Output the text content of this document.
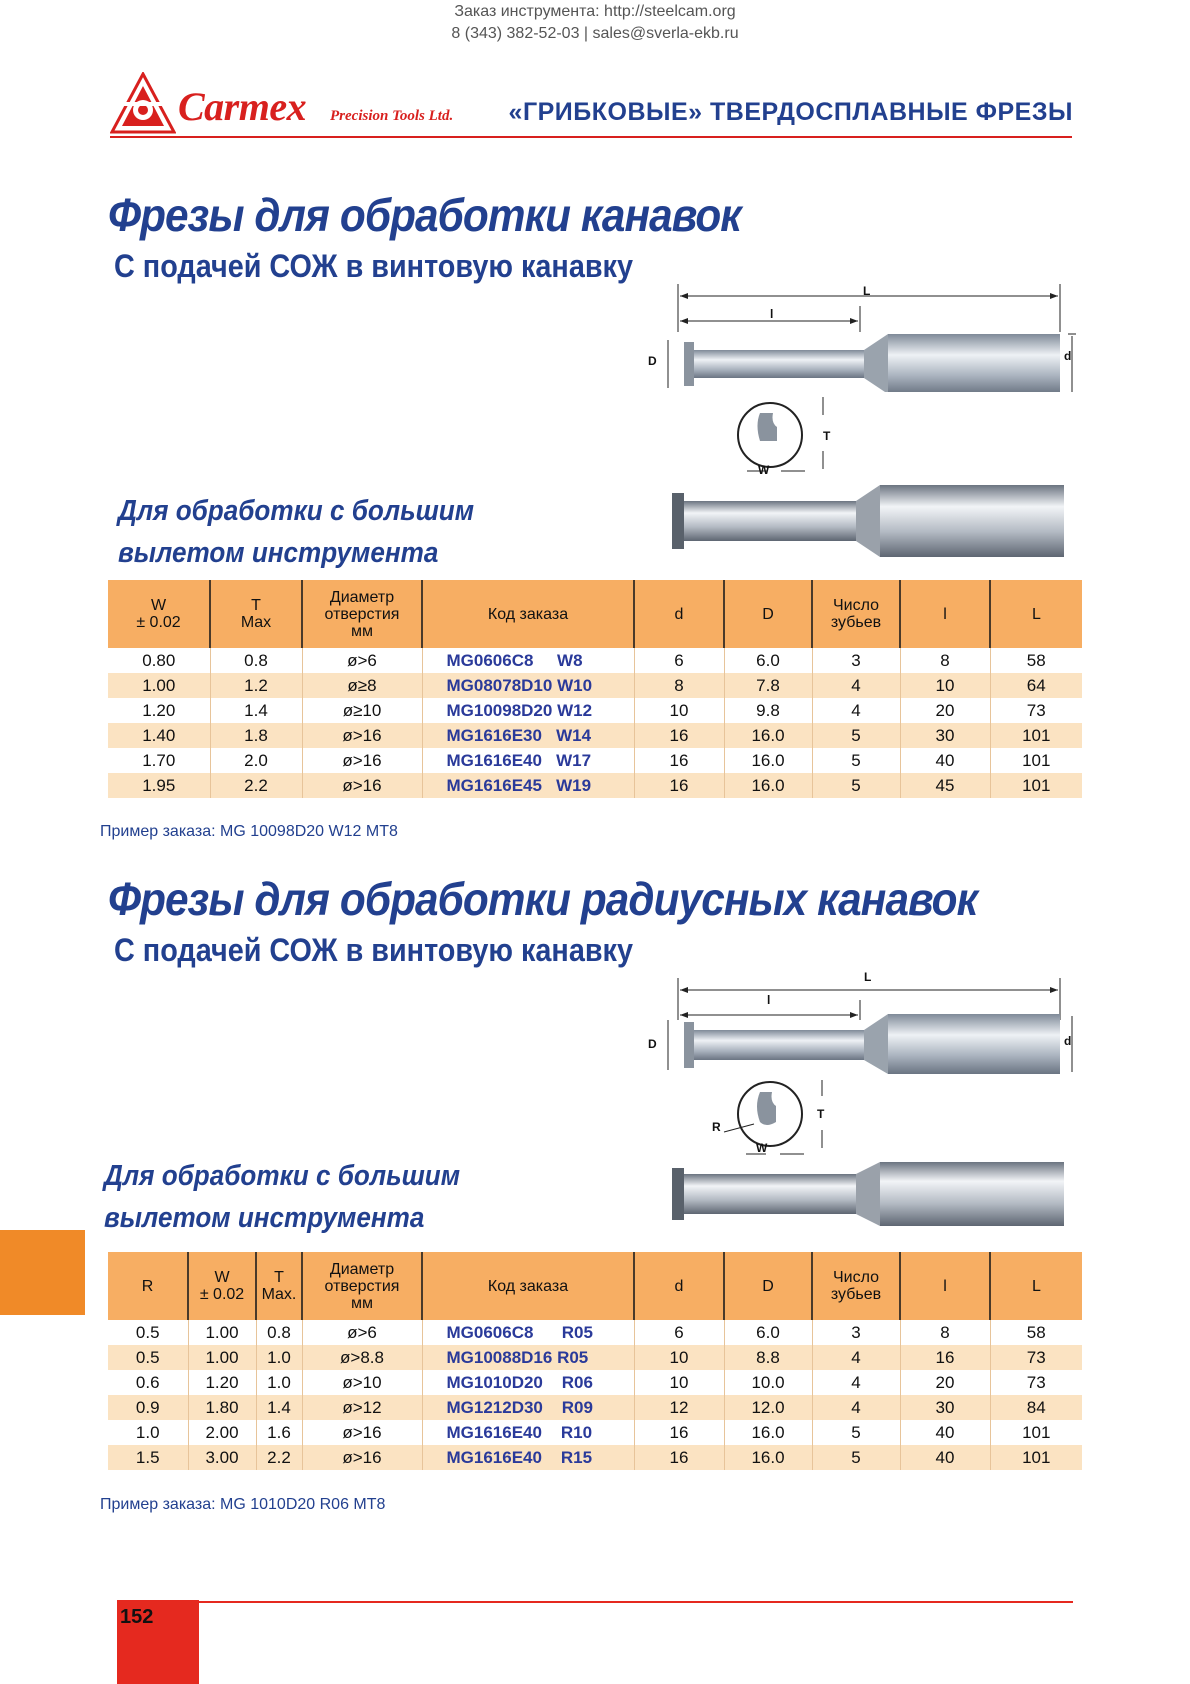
Заказ инструмента: http://steelcam.org
8 (343) 382-52-03 | sales@sverla-ekb.ru
Carmex Precision Tools Ltd. «ГРИБКОВЫЕ» ТВЕРДОСПЛАВНЫЕ ФРЕЗЫ
Фрезы для обработки канавок
С подачей СОЖ в винтовую канавку
L
l
D	d
T
W
Для обработки с большим
вылетом инструмента
W
± 0.02	T
Max	Диаметр
отверстия
мм	Код заказа	d	D	Число
зубьев	l	L
0.80	0.8	ø>6	MG0606C8     W8	6	6.0	3	8	58
1.00	1.2	ø≥8	MG08078D10 W10	8	7.8	4	10	64
1.20	1.4	ø≥10	MG10098D20 W12	10	9.8	4	20	73
1.40	1.8	ø>16	MG1616E30   W14	16	16.0	5	30	101
1.70	2.0	ø>16	MG1616E40   W17	16	16.0	5	40	101
1.95	2.2	ø>16	MG1616E45   W19	16	16.0	5	45	101
Пример заказа: MG 10098D20 W12 MT8
Фрезы для обработки радиусных канавок
С подачей СОЖ в винтовую канавку
L
l
D	d
T
R
W
Для обработки с большим
вылетом инструмента
R	W
± 0.02	T
Max.	Диаметр
отверстия
мм	Код заказа	d	D	Число
зубьев	l	L
0.5	1.00	0.8	ø>6	MG0606C8      R05	6	6.0	3	8	58
0.5	1.00	1.0	ø>8.8	MG10088D16 R05	10	8.8	4	16	73
0.6	1.20	1.0	ø>10	MG1010D20    R06	10	10.0	4	20	73
0.9	1.80	1.4	ø>12	MG1212D30    R09	12	12.0	4	30	84
1.0	2.00	1.6	ø>16	MG1616E40    R10	16	16.0	5	40	101
1.5	3.00	2.2	ø>16	MG1616E40    R15	16	16.0	5	40	101
Пример заказа: MG 1010D20 R06 MT8
152
